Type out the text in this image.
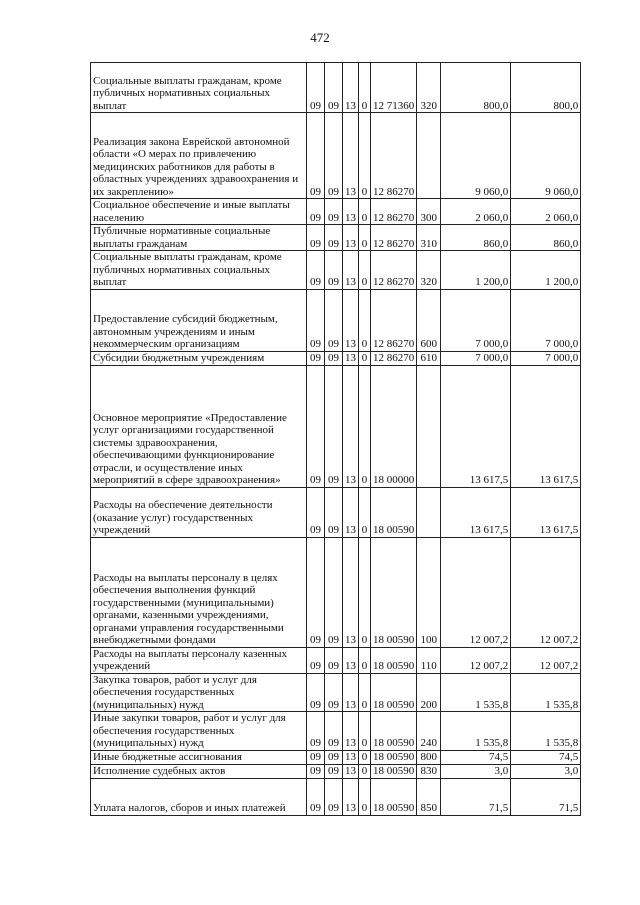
472
Социальные выплаты гражданам, кроме публичных нормативных социальных выплат	09	09	13	0	12 71360	320	800,0	800,0
Реализация закона Еврейской автономной области «О мерах по привлечению медицинских работников для работы в областных учреждениях здравоохранения и их закреплению»	09	09	13	0	12 86270		9 060,0	9 060,0
Социальное обеспечение и иные выплаты населению	09	09	13	0	12 86270	300	2 060,0	2 060,0
Публичные нормативные социальные выплаты гражданам	09	09	13	0	12 86270	310	860,0	860,0
Социальные выплаты гражданам, кроме публичных нормативных социальных выплат	09	09	13	0	12 86270	320	1 200,0	1 200,0
Предоставление субсидий бюджетным, автономным учреждениям и иным некоммерческим организациям	09	09	13	0	12 86270	600	7 000,0	7 000,0
Субсидии бюджетным учреждениям	09	09	13	0	12 86270	610	7 000,0	7 000,0
Основное мероприятие «Предоставление услуг организациями государственной системы здравоохранения, обеспечивающими функционирование отрасли, и осуществление иных мероприятий в сфере здравоохранения»	09	09	13	0	18 00000		13 617,5	13 617,5
Расходы на обеспечение деятельности (оказание услуг) государственных учреждений	09	09	13	0	18 00590		13 617,5	13 617,5
Расходы на выплаты персоналу в целях обеспечения выполнения функций государственными (муниципальными) органами, казенными учреждениями, органами управления государственными внебюджетными фондами	09	09	13	0	18 00590	100	12 007,2	12 007,2
Расходы на выплаты персоналу казенных учреждений	09	09	13	0	18 00590	110	12 007,2	12 007,2
Закупка товаров, работ и услуг для обеспечения государственных (муниципальных) нужд	09	09	13	0	18 00590	200	1 535,8	1 535,8
Иные закупки товаров, работ и услуг для обеспечения государственных (муниципальных) нужд	09	09	13	0	18 00590	240	1 535,8	1 535,8
Иные бюджетные ассигнования	09	09	13	0	18 00590	800	74,5	74,5
Исполнение судебных актов	09	09	13	0	18 00590	830	3,0	3,0
Уплата налогов, сборов и иных платежей	09	09	13	0	18 00590	850	71,5	71,5
